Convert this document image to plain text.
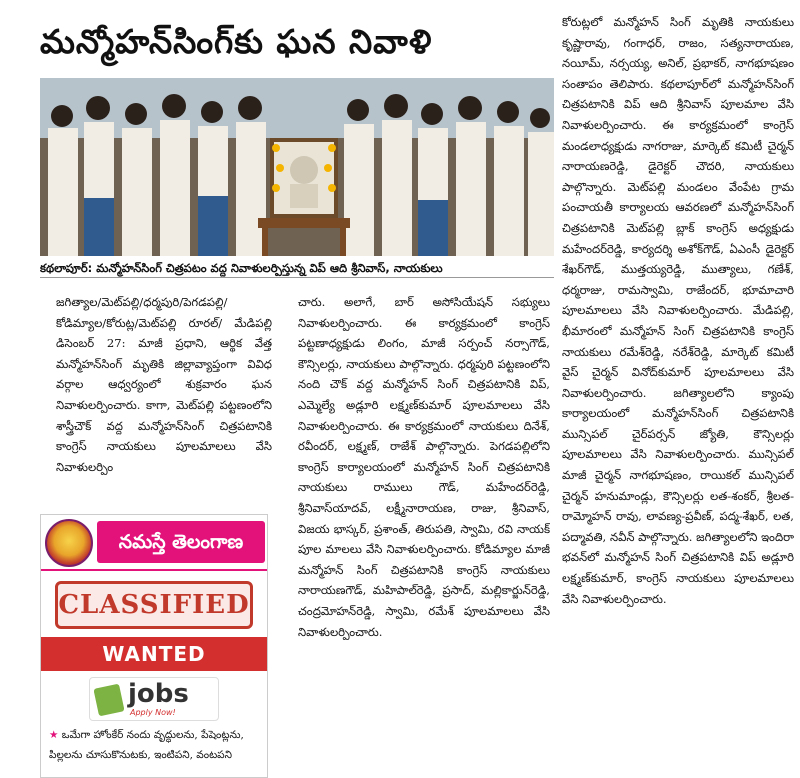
మన్మోహన్‌సింగ్‌కు ఘన నివాళి
కథలాపూర్‌: మన్మోహన్‌సింగ్ చిత్రపటం వద్ద నివాళులర్పిస్తున్న విప్ ఆది శ్రీనివాస్‌, నాయకులు

జగిత్యాల/మెట్‌పల్లి/ధర్మపురి/పెగడపల్లి/కోడిమ్యాల/కోరుట్ల/మెట్‌పల్లి రూరల్‌/ మేడిపల్లి డిసెంబర్‌ 27: మాజీ ప్రధాని, ఆర్థిక వేత్త మన్మోహన్‌సింగ్ మృతికి జిల్లావ్యాప్తంగా వివిధ వర్గాల ఆధ్వర్యంలో శుక్రవారం ఘన నివాళులర్పించారు. కాగా, మెట్‌పల్లి పట్టణంలోని శాస్త్రీచౌక్ వద్ద మన్మోహన్‌సింగ్ చిత్రపటానికి కాంగ్రెస్ నాయకులు పూలమాలలు వేసి నివాళులర్పిం

చారు. అలాగే, బార్ అసోసియేషన్ సభ్యులు నివాళులర్పించారు. ఈ కార్యక్రమంలో కాంగ్రెస్ పట్టణాధ్యక్షుడు లింగం, మాజీ సర్పంచ్ నర్సాగౌడ్‌, కౌన్సిలర్లు, నాయకులు పాల్గొన్నారు. ధర్మపురి పట్టణంలోని నంది చౌక్ వద్ద మన్మోహన్ సింగ్ చిత్రపటానికి విప్, ఎమ్మెల్యే అడ్లూరి లక్ష్మణ్‌కుమార్‌ పూలమాలలు వేసి నివాళులర్పించారు. ఈ కార్యక్రమంలో నాయకులు దినేశ్‌, రవీందర్‌, లక్ష్మణ్‌, రాజేశ్‌ పాల్గొన్నారు. పెగడపల్లిలోని కాంగ్రెస్ కార్యాలయంలో మన్మోహన్ సింగ్ చిత్రపటానికి నాయకులు రాములు గౌడ్‌, మహేందర్‌రెడ్డి, శ్రీనివాస్‌యాదవ్‌, లక్ష్మీనారాయణ, రాజు, శ్రీనివాస్‌, విజయ భాస్కర్‌, ప్రశాంత్‌, తిరుపతి, స్వామి, రవి నాయక్‌ పూల మాలలు వేసి నివాళులర్పించారు. కోడిమ్యాల మాజీ మన్మోహన్ సింగ్ చిత్రపటానికి కాంగ్రెస్ నాయకులు నారాయణగౌడ్‌, మహిపాల్‌రెడ్డి, ప్రసాద్‌, మల్లికార్జున్‌రెడ్డి, చంద్రమోహన్‌రెడ్డి, స్వామి, రమేశ్‌ పూలమాలలు వేసి నివాళులర్పించారు.

కోరుట్లలో మన్మోహన్ సింగ్ మృతికి నాయకులు కృష్ణారావు, గంగాధర్‌, రాజం, సత్యనారాయణ, నయీమ్‌, నర్సయ్య, అనిల్‌, ప్రభాకర్‌, నాగభూషణం సంతాపం తెలిపారు. కథలాపూర్‌లో మన్మోహన్‌సింగ్ చిత్రపటానికి విప్ ఆది శ్రీనివాస్ పూలమాల వేసి నివాళులర్పించారు. ఈ కార్యక్రమంలో కాంగ్రెస్ మండలాధ్యక్షుడు నాగరాజు, మార్కెట్ కమిటీ చైర్మన్‌ నారాయణరెడ్డి, డైరెక్టర్ చౌదరి, నాయకులు పాల్గొన్నారు. మెట్‌పల్లి మండలం వేంపేట గ్రామ పంచాయతీ కార్యాలయ ఆవరణలో మన్మోహన్‌సింగ్ చిత్రపటానికి మెట్‌పల్లి బ్లాక్ కాంగ్రెస్ అధ్యక్షుడు మహేందర్‌రెడ్డి, కార్యదర్శి అశోక్‌గౌడ్‌, ఏఎంసీ డైరెక్టర్ శేఖర్‌గౌడ్‌, ముత్తయ్యరెడ్డి, ముత్యాలు, గణేశ్‌, ధర్మరాజు, రామస్వామి, రాజేందర్‌, భూమాచారి పూలమాలలు వేసి నివాళులర్పించారు. మేడిపల్లి, భీమారంలో మన్మోహన్ సింగ్ చిత్రపటానికి కాంగ్రెస్ నాయకులు రమేశ్‌రెడ్డి, నరేశ్‌రెడ్డి, మార్కెట్ కమిటీ వైస్ చైర్మన్‌ వినోద్‌కుమార్‌ పూలమాలలు వేసి నివాళులర్పించారు. జగిత్యాలలోని క్యాంపు కార్యాలయంలో మన్మోహన్‌సింగ్ చిత్రపటానికి మున్సిపల్ చైర్‌పర్సన్‌ జ్యోతి, కౌన్సిలర్లు పూలమాలలు వేసి నివాళులర్పించారు. మున్సిపల్ మాజీ చైర్మన్ నాగభూషణం, రాయికల్ మున్సిపల్ చైర్మన్ హనుమాండ్లు, కౌన్సిలర్లు లత-శంకర్‌, శ్రీలత-రామ్మోహన్ రావు, లావణ్య-ప్రవీణ్‌, పద్మ-శేఖర్‌, లత, పద్మావతి, నవీన్ పాల్గొన్నారు. జగిత్యాలలోని ఇందిరా భవన్‌లో మన్మోహన్ సింగ్ చిత్రపటానికి విప్ అడ్లూరి లక్ష్మణ్‌కుమార్‌, కాంగ్రెస్ నాయకులు పూలమాలలు వేసి నివాళులర్పించారు.

నమస్తే తెలంగాణ
CLASSIFIED
WANTED
jobs
Apply Now!
★ ఒమేగా హోంకేర్ నందు వృద్ధులను, పేషెంట్లను, పిల్లలను చూసుకొనుటకు, ఇంటిపని, వంటపని
